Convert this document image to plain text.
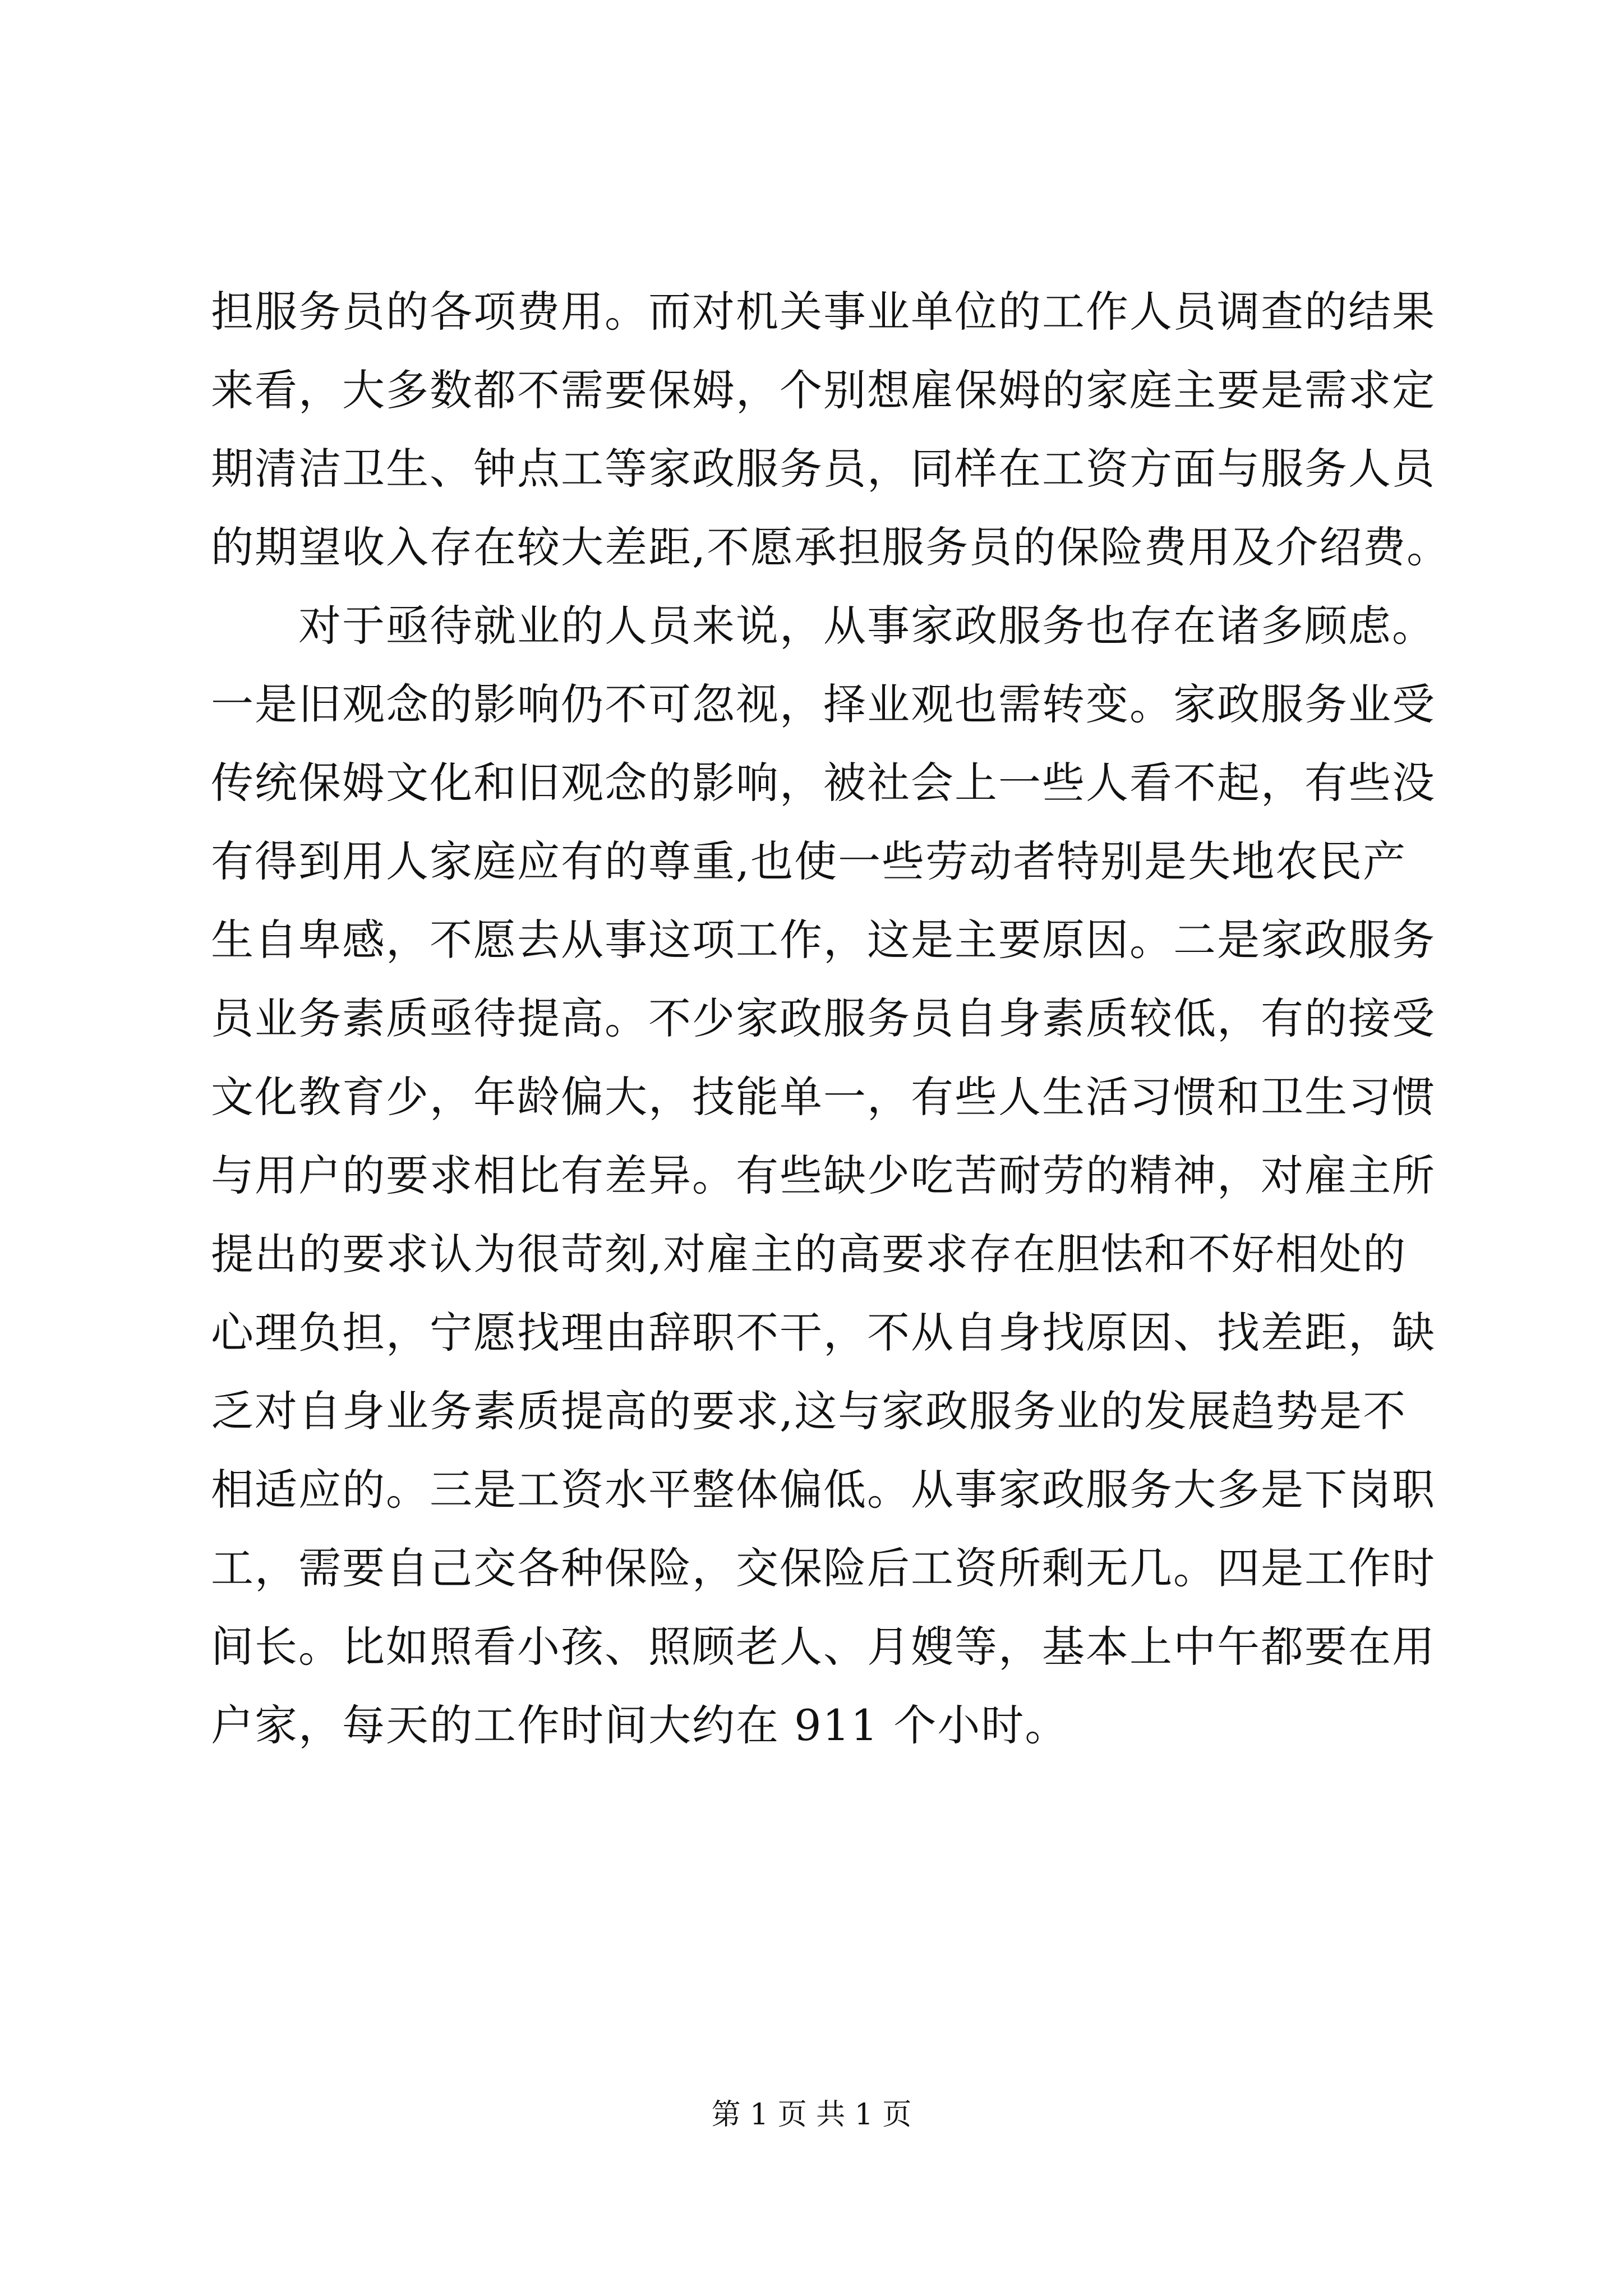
担服务员的各项费用。而对机关事业单位的工作人员调查的结果
来看，大多数都不需要保姆，个别想雇保姆的家庭主要是需求定
期清洁卫生、钟点工等家政服务员，同样在工资方面与服务人员
的期望收入存在较大差距,不愿承担服务员的保险费用及介绍费。
　　对于亟待就业的人员来说，从事家政服务也存在诸多顾虑。
一是旧观念的影响仍不可忽视，择业观也需转变。家政服务业受
传统保姆文化和旧观念的影响，被社会上一些人看不起，有些没
有得到用人家庭应有的尊重,也使一些劳动者特别是失地农民产
生自卑感，不愿去从事这项工作，这是主要原因。二是家政服务
员业务素质亟待提高。不少家政服务员自身素质较低，有的接受
文化教育少，年龄偏大，技能单一，有些人生活习惯和卫生习惯
与用户的要求相比有差异。有些缺少吃苦耐劳的精神，对雇主所
提出的要求认为很苛刻,对雇主的高要求存在胆怯和不好相处的
心理负担，宁愿找理由辞职不干，不从自身找原因、找差距，缺
乏对自身业务素质提高的要求,这与家政服务业的发展趋势是不
相适应的。三是工资水平整体偏低。从事家政服务大多是下岗职
工，需要自己交各种保险，交保险后工资所剩无几。四是工作时
间长。比如照看小孩、照顾老人、月嫂等，基本上中午都要在用
户家，每天的工作时间大约在 911 个小时。
第 1 页 共 1 页
